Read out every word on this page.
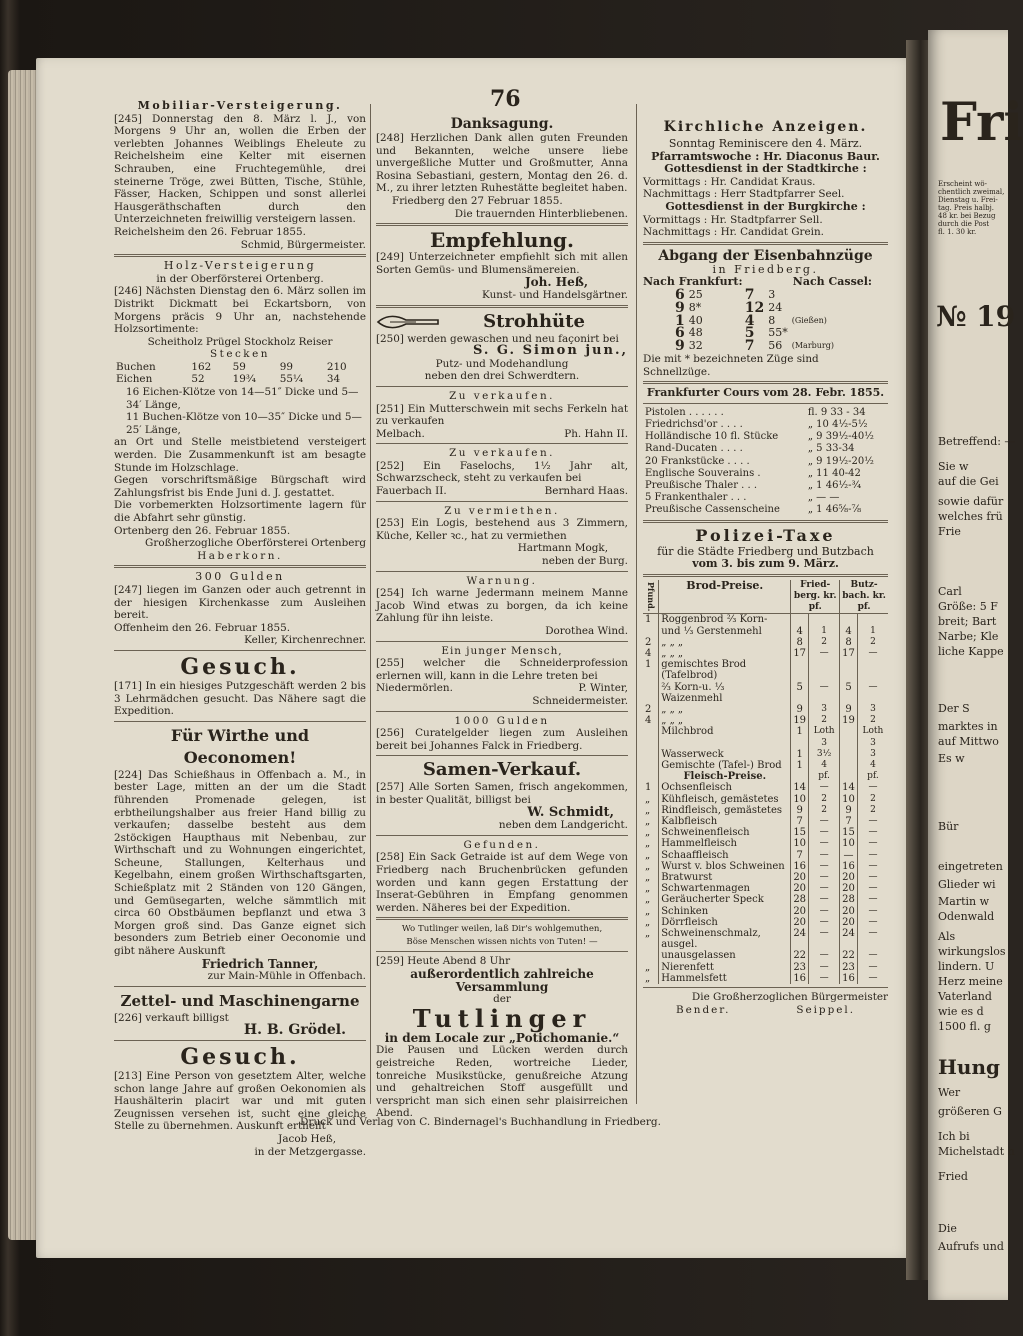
Fri
№ 19
Erscheint wö-
chentlich zweimal,
Dienstag u. Frei-
tag. Preis halbj.
48 kr. bei Bezug
durch die Post
fl. 1. 30 kr.
Betreffend: —
Sie w
auf die Gei
sowie dafür
welches frü
Frie
Carl
Größe: 5 F
breit; Bart
Narbe; Kle
liche Kappe
Der S
marktes in
auf Mittwo
Es w
Bür
eingetreten
Glieder wi
Martin w
Odenwald
Als
wirkungslos
lindern. U
Herz meine
Vaterland
wie es d
1500 fl. g
Hung
Wer
größeren G
Ich bi
Michelstadt h
Fried
Die
Aufrufs und
76
Mobiliar-Versteigerung.

[245] Donnerstag den 8. März l. J., von Morgens 9 Uhr an, wollen die Erben der verlebten Johannes Weiblings Eheleute zu Reichelsheim eine Kelter mit eisernen Schrauben, eine Fruchtegemühle, drei steinerne Tröge, zwei Bütten, Tische, Stühle, Fässer, Hacken, Schippen und sonst allerlei Hausgeräthschaften durch den Unterzeichneten freiwillig versteigern lassen.

Reichelsheim den 26. Februar 1855.
Schmid, Bürgermeister.
Holz-Versteigerung
in der Oberförsterei Ortenberg.

[246] Nächsten Dienstag den 6. März sollen im Distrikt Dickmatt bei Eckartsborn, von Morgens präcis 9 Uhr an, nachstehende Holzsortimente:

Scheitholz Prügel Stockholz Reiser
Stecken
Buchen	162	59	99	210
Eichen	52	19³⁄₄	55¹⁄₄	34
16 Eichen-Klötze von 14—51″ Dicke und 5—34′ Länge,
11 Buchen-Klötze von 10—35″ Dicke und 5—25′ Länge,

an Ort und Stelle meistbietend versteigert werden. Die Zusammenkunft ist am besagte Stunde im Holzschlage.

Gegen vorschriftsmäßige Bürgschaft wird Zahlungsfrist bis Ende Juni d. J. gestattet.

Die vorbemerkten Holzsortimente lagern für die Abfahrt sehr günstig.

Ortenberg den 26. Februar 1855.
Großherzogliche Oberförsterei Ortenberg
Haberkorn.
300 Gulden

[247] liegen im Ganzen oder auch getrennt in der hiesigen Kirchenkasse zum Ausleihen bereit.

Offenheim den 26. Februar 1855.
Keller, Kirchenrechner.
Gesuch.

[171] In ein hiesiges Putzgeschäft werden 2 bis 3 Lehrmädchen gesucht. Das Nähere sagt die Expedition.

Für Wirthe und Oeconomen!

[224] Das Schießhaus in Offenbach a. M., in bester Lage, mitten an der um die Stadt führenden Promenade gelegen, ist erbtheilungshalber aus freier Hand billig zu verkaufen; dasselbe besteht aus dem 2stöckigen Haupthaus mit Nebenbau, zur Wirthschaft und zu Wohnungen eingerichtet, Scheune, Stallungen, Kelterhaus und Kegelbahn, einem großen Wirthschaftsgarten, Schießplatz mit 2 Ständen von 120 Gängen, und Gemüsegarten, welche sämmtlich mit circa 60 Obstbäumen bepflanzt und etwa 3 Morgen groß sind. Das Ganze eignet sich besonders zum Betrieb einer Oeconomie und gibt nähere Auskunft

Friedrich Tanner,
zur Main-Mühle in Offenbach.
Zettel- und Maschinengarne
[226] verkauft billigst
H. B. Grödel.
Gesuch.

[213] Eine Person von gesetztem Alter, welche schon lange Jahre auf großen Oekonomien als Haushälterin placirt war und mit guten Zeugnissen versehen ist, sucht eine gleiche Stelle zu übernehmen. Auskunft ertheilt

Jacob Heß,
in der Metzgergasse.
Danksagung.

[248] Herzlichen Dank allen guten Freunden und Bekannten, welche unsere liebe unvergeßliche Mutter und Großmutter, Anna Rosina Sebastiani, gestern, Montag den 26. d. M., zu ihrer letzten Ruhestätte begleitet haben.

Friedberg den 27 Februar 1855.
Die trauernden Hinterbliebenen.
Empfehlung.

[249] Unterzeichneter empfiehlt sich mit allen Sorten Gemüs- und Blumensämereien.

Joh. Heß,
Kunst- und Handelsgärtner.
Strohhüte

[250] werden gewaschen und neu façonirt bei

S. G. Simon jun.,
Putz- und Modehandlung
neben den drei Schwerdtern.
Zu verkaufen.

[251] Ein Mutterschwein mit sechs Ferkeln hat zu verkaufen

Melbach.	Ph. Hahn II.
Zu verkaufen.

[252] Ein Faselochs, 1¹⁄₂ Jahr alt, Schwarzscheck, steht zu verkaufen bei

Fauerbach II.	Bernhard Haas.
Zu vermiethen.

[253] Ein Logis, bestehend aus 3 Zimmern, Küche, Keller ꝛc., hat zu vermiethen

Hartmann Mogk,
neben der Burg.
Warnung.

[254] Ich warne Jedermann meinem Manne Jacob Wind etwas zu borgen, da ich keine Zahlung für ihn leiste.

Dorothea Wind.
Ein junger Mensch,

[255] welcher die Schneiderprofession erlernen will, kann in die Lehre treten bei

Niedermörlen.	P. Winter,
Schneidermeister.
1000 Gulden

[256] Curatelgelder liegen zum Ausleihen bereit bei Johannes Falck in Friedberg.

Samen-Verkauf.

[257] Alle Sorten Samen, frisch angekommen, in bester Qualität, billigst bei

W. Schmidt,
neben dem Landgericht.
Gefunden.

[258] Ein Sack Getraide ist auf dem Wege von Friedberg nach Bruchenbrücken gefunden worden und kann gegen Erstattung der Inserat-Gebühren in Empfang genommen werden. Näheres bei der Expedition.

Wo Tutlinger weilen, laß Dir's wohlgemuthen,
Böse Menschen wissen nichts von Tuten! —
[259] Heute Abend 8 Uhr
außerordentlich zahlreiche Versammlung
der
Tutlinger
in dem Locale zur „Potichomanie.“

Die Pausen und Lücken werden durch geistreiche Reden, wortreiche Lieder, tonreiche Musikstücke, genußreiche Atzung und gehaltreichen Stoff ausgefüllt und verspricht man sich einen sehr plaisirreichen Abend.

Kirchliche Anzeigen.
Sonntag Reminiscere den 4. März.
Pfarramtswoche : Hr. Diaconus Baur.
Gottesdienst in der Stadtkirche :
Vormittags : Hr. Candidat Kraus.
Nachmittags : Herr Stadtpfarrer Seel.
Gottesdienst in der Burgkirche :
Vormittags : Hr. Stadtpfarrer Sell.
Nachmittags : Hr. Candidat Grein.
Abgang der Eisenbahnzüge
in Friedberg.
Nach Frankfurt:	Nach Cassel:
6	25	7	3	
9	8*	12	24	
1	40	4	8	(Gießen)
6	48	5	55*	
9	32	7	56	(Marburg)
Die mit * bezeichneten Züge sind Schnellzüge.
Frankfurter Cours vom 28. Febr. 1855.
Pistolen . . . . . .	fl. 9 33 - 34
Friedrichsd'or . . . .	„ 10 4¹⁄₂-5¹⁄₂
Holländische 10 fl. Stücke	„ 9 39¹⁄₂-40¹⁄₂
Rand-Ducaten . . . .	„ 5 33-34
20 Frankstücke . . . .	„ 9 19¹⁄₂-20¹⁄₂
Englische Souverains .	„ 11 40-42
Preußische Thaler . . .	„ 1 46¹⁄₂-³⁄₄
5 Frankenthaler . . .	„ — —
Preußische Cassenscheine	„ 1 46⁵⁄₈-⁷⁄₈
Polizei-Taxe
für die Städte Friedberg und Butzbach
vom 3. bis zum 9. März.
Pfund.	Brod-Preise.	Fried-berg. kr. pf.		Butz-bach. kr. pf.	
1	Roggenbrod ²⁄₃ Korn-				
	und ¹⁄₃ Gerstenmehl	4	1	4	1
2	„ „ „	8	2	8	2
4	„ „ „	17	—	17	—
1	gemischtes Brod (Tafelbrod)				
	²⁄₃ Korn-u. ¹⁄₃ Waizenmehl	5	—	5	—
2	„ „ „	9	3	9	3
4	„ „ „	19	2	19	2
	Milchbrod	1	Loth 3		Loth 3
	Wasserweck	1	3¹⁄₂		3
	Gemischte (Tafel-) Brod	1	4		4
	Fleisch-Preise.		pf.		pf.
1	Ochsenfleisch	14	—	14	—
„	Kühfleisch, gemästetes	10	2	10	2
„	Rindfleisch, gemästetes	9	2	9	2
„	Kalbfleisch	7	—	7	—
„	Schweinenfleisch	15	—	15	—
„	Hammelfleisch	10	—	10	—
„	Schaaffleisch	7	—	—	—
„	Wurst v. blos Schweinen	16	—	16	—
„	Bratwurst	20	—	20	—
„	Schwartenmagen	20	—	20	—
„	Geräucherter Speck	28	—	28	—
„	Schinken	20	—	20	—
„	Dörrfleisch	20	—	20	—
„	Schweinenschmalz, ausgel.	24	—	24	—
	unausgelassen	22	—	22	—
„	Nierenfett	23	—	23	—
„	Hammelsfett	16	—	16	—
Die Großherzoglichen Bürgermeister
Bender.	Seippel.
Druck und Verlag von C. Bindernagel's Buchhandlung in Friedberg.
